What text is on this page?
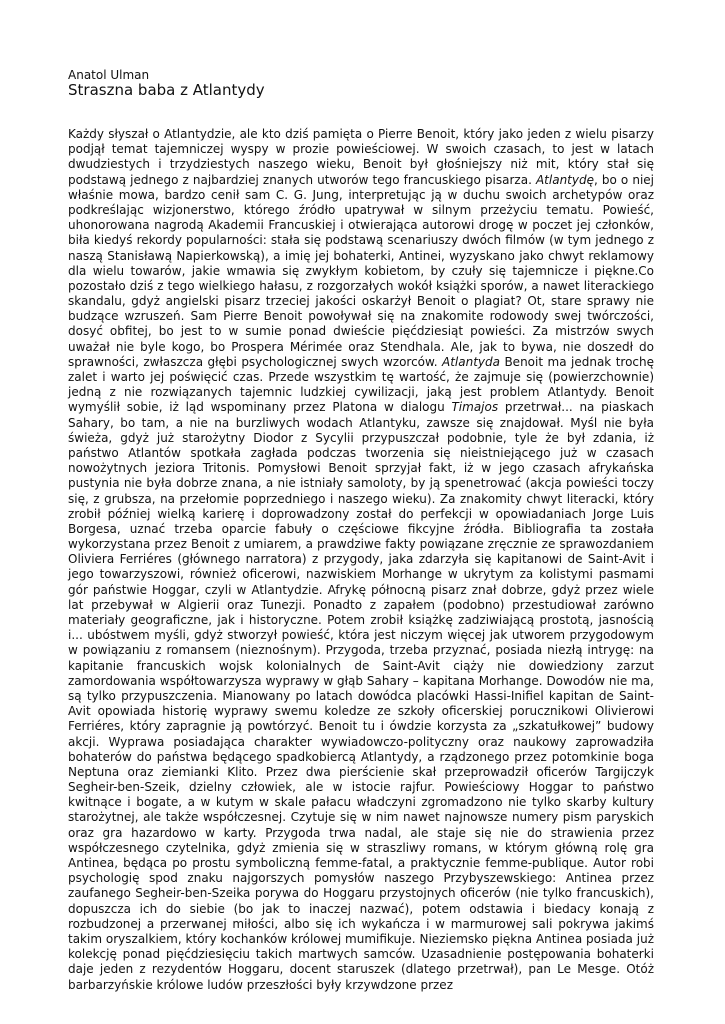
Anatol Ulman
Straszna baba z Atlantydy

Każdy słyszał o Atlantydzie, ale kto dziś pamięta o Pierre Benoit, który jako jeden z wielu pisarzy podjął temat tajemniczej wyspy w prozie powieściowej. W swoich czasach, to jest w latach dwudziestych i trzydziestych naszego wieku, Benoit był głośniejszy niż mit, który stał się podstawą jednego z najbardziej znanych utworów tego francuskiego pisarza. Atlantydę, bo o niej właśnie mowa, bardzo cenił sam C. G. Jung, interpretując ją w duchu swoich archetypów oraz podkreślając wizjonerstwo, którego źródło upatrywał w silnym przeżyciu tematu. Powieść, uhonorowana nagrodą Akademii Francuskiej i otwierająca autorowi drogę w poczet jej członków, biła kiedyś rekordy popularności: stała się podstawą scenariuszy dwóch filmów (w tym jednego z naszą Stanisławą Napierkowską), a imię jej bohaterki, Antinei, wyzyskano jako chwyt reklamowy dla wielu towarów, jakie wmawia się zwykłym kobietom, by czuły się tajemnicze i piękne.Co pozostało dziś z tego wielkiego hałasu, z rozgorzałych wokół książki sporów, a nawet literackiego skandalu, gdyż angielski pisarz trzeciej jakości oskarżył Benoit o plagiat? Ot, stare sprawy nie budzące wzruszeń. Sam Pierre Benoit powoływał się na znakomite rodowody swej twórczości, dosyć obfitej, bo jest to w sumie ponad dwieście pięćdziesiąt powieści. Za mistrzów swych uważał nie byle kogo, bo Prospera Mérimée oraz Stendhala. Ale, jak to bywa, nie doszedł do sprawności, zwłaszcza głębi psychologicznej swych wzorców. Atlantyda Benoit ma jednak trochę zalet i warto jej poświęcić czas. Przede wszystkim tę wartość, że zajmuje się (powierzchownie) jedną z nie rozwiązanych tajemnic ludzkiej cywilizacji, jaką jest problem Atlantydy. Benoit wymyślił sobie, iż ląd wspominany przez Platona w dialogu Timajos przetrwał... na piaskach Sahary, bo tam, a nie na burzliwych wodach Atlantyku, zawsze się znajdował. Myśl nie była świeża, gdyż już starożytny Diodor z Sycylii przypuszczał podobnie, tyle że był zdania, iż państwo Atlantów spotkała zagłada podczas tworzenia się nieistniejącego już w czasach nowożytnych jeziora Tritonis. Pomysłowi Benoit sprzyjał fakt, iż w jego czasach afrykańska pustynia nie była dobrze znana, a nie istniały samoloty, by ją spenetrować (akcja powieści toczy się, z grubsza, na przełomie poprzedniego i naszego wieku). Za znakomity chwyt literacki, który zrobił później wielką karierę i doprowadzony został do perfekcji w opowiadaniach Jorge Luis Borgesa, uznać trzeba oparcie fabuły o częściowe fikcyjne źródła. Bibliografia ta została wykorzystana przez Benoit z umiarem, a prawdziwe fakty powiązane zręcznie ze sprawozdaniem Oliviera Ferriéres (głównego narratora) z przygody, jaka zdarzyła się kapitanowi de Saint-Avit i jego towarzyszowi, również oficerowi, nazwiskiem Morhange w ukrytym za kolistymi pasmami gór państwie Hoggar, czyli w Atlantydzie. Afrykę północną pisarz znał dobrze, gdyż przez wiele lat przebywał w Algierii oraz Tunezji. Ponadto z zapałem (podobno) przestudiował zarówno materiały geograficzne, jak i historyczne. Potem zrobił książkę zadziwiającą prostotą, jasnością i... ubóstwem myśli, gdyż stworzył powieść, która jest niczym więcej jak utworem przygodowym w powiązaniu z romansem (nieznośnym). Przygoda, trzeba przyznać, posiada niezłą intrygę: na kapitanie francuskich wojsk kolonialnych de Saint-Avit ciąży nie dowiedziony zarzut zamordowania współtowarzysza wyprawy w głąb Sahary – kapitana Morhange. Dowodów nie ma, są tylko przypuszczenia. Mianowany po latach dowódca placówki Hassi-Inifiel kapitan de Saint-Avit opowiada historię wyprawy swemu koledze ze szkoły oficerskiej porucznikowi Olivierowi Ferriéres, który zapragnie ją powtórzyć. Benoit tu i ówdzie korzysta za „szkatułkowej” budowy akcji. Wyprawa posiadająca charakter wywiadowczo-polityczny oraz naukowy zaprowadziła bohaterów do państwa będącego spadkobiercą Atlantydy, a rządzonego przez potomkinie boga Neptuna oraz ziemianki Klito. Przez dwa pierścienie skał przeprowadził oficerów Targijczyk Segheir-ben-Szeik, dzielny człowiek, ale w istocie rajfur. Powieściowy Hoggar to państwo kwitnące i bogate, a w kutym w skale pałacu władczyni zgromadzono nie tylko skarby kultury starożytnej, ale także współczesnej. Czytuje się w nim nawet najnowsze numery pism paryskich oraz gra hazardowo w karty. Przygoda trwa nadal, ale staje się nie do strawienia przez współczesnego czytelnika, gdyż zmienia się w straszliwy romans, w którym główną rolę gra Antinea, będąca po prostu symboliczną femme-fatal, a praktycznie femme-publique. Autor robi psychologię spod znaku najgorszych pomysłów naszego Przybyszewskiego: Antinea przez zaufanego Segheir-ben-Szeika porywa do Hoggaru przystojnych oficerów (nie tylko francuskich), dopuszcza ich do siebie (bo jak to inaczej nazwać), potem odstawia i biedacy konają z rozbudzonej a przerwanej miłości, albo się ich wykańcza i w marmurowej sali pokrywa jakimś takim oryszalkiem, który kochanków królowej mumifikuje. Nieziemsko piękna Antinea posiada już kolekcję ponad pięćdziesięciu takich martwych samców. Uzasadnienie postępowania bohaterki daje jeden z rezydentów Hoggaru, docent staruszek (dlatego przetrwał), pan Le Mesge. Otóż barbarzyńskie królowe ludów przeszłości były krzywdzone przez
